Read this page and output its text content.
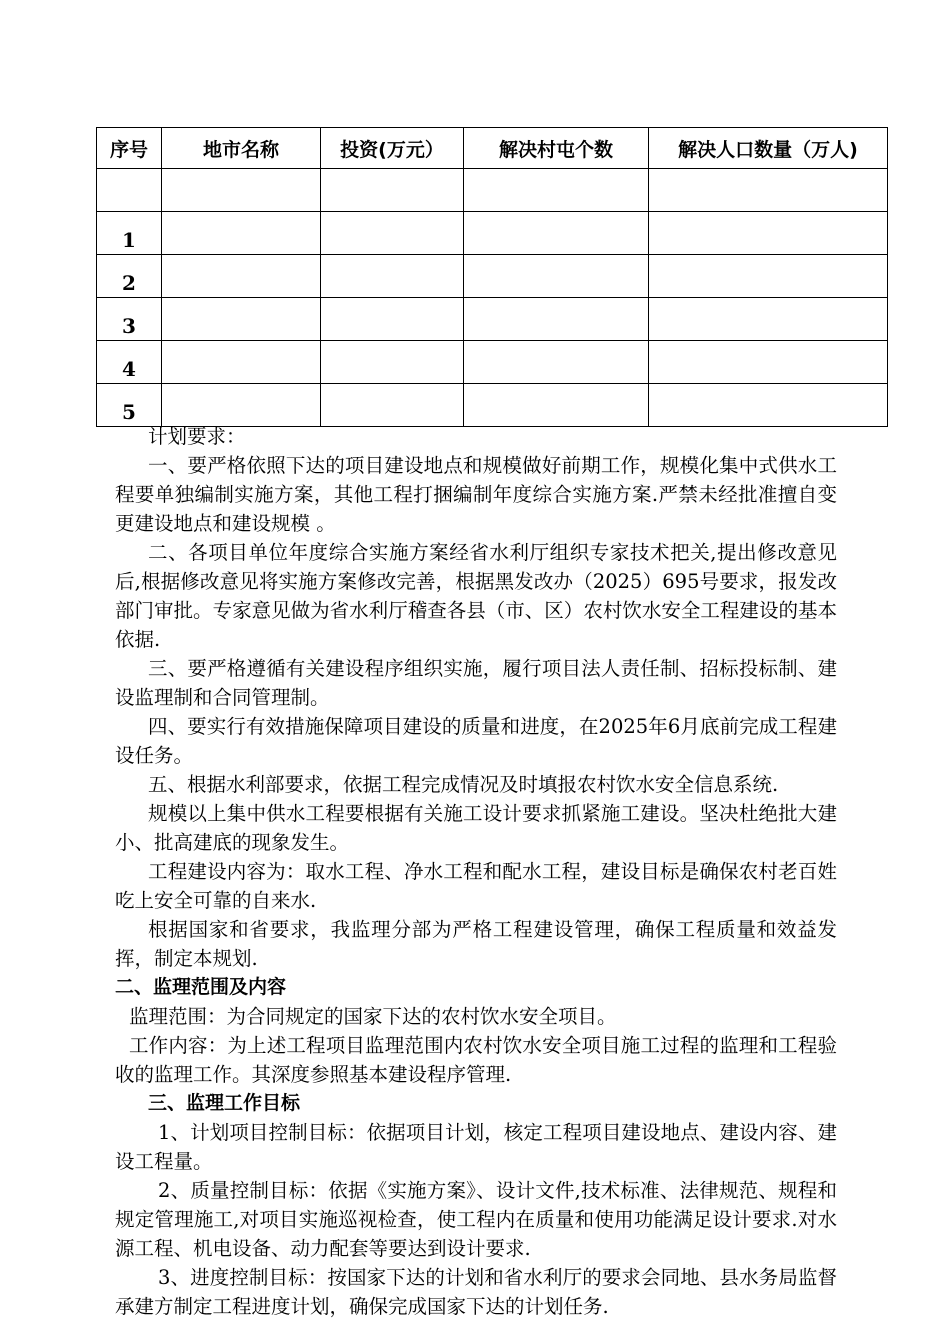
序号	地市名称	投资(万元）	解决村屯个数	解决人口数量（万人)

1				
2				
3				
4				
5				

计划要求：

一、要严格依照下达的项目建设地点和规模做好前期工作，规模化集中式供水工程要单独编制实施方案，其他工程打捆编制年度综合实施方案.严禁未经批准擅自变更建设地点和建设规模 。

二、各项目单位年度综合实施方案经省水利厅组织专家技术把关,提出修改意见后,根据修改意见将实施方案修改完善，根据黑发改办（2025）695号要求，报发改部门审批。专家意见做为省水利厅稽查各县（市、区）农村饮水安全工程建设的基本依据.

三、要严格遵循有关建设程序组织实施，履行项目法人责任制、招标投标制、建设监理制和合同管理制。

四、要实行有效措施保障项目建设的质量和进度，在2025年6月底前完成工程建设任务。

五、根据水利部要求，依据工程完成情况及时填报农村饮水安全信息系统.

规模以上集中供水工程要根据有关施工设计要求抓紧施工建设。坚决杜绝批大建小、批高建底的现象发生。

工程建设内容为：取水工程、净水工程和配水工程，建设目标是确保农村老百姓吃上安全可靠的自来水.

根据国家和省要求，我监理分部为严格工程建设管理，确保工程质量和效益发挥，制定本规划.

二、监理范围及内容

监理范围：为合同规定的国家下达的农村饮水安全项目。

工作内容：为上述工程项目监理范围内农村饮水安全项目施工过程的监理和工程验收的监理工作。其深度参照基本建设程序管理.

三、监理工作目标

1、计划项目控制目标：依据项目计划，核定工程项目建设地点、建设内容、建设工程量。

2、质量控制目标：依据《实施方案》、设计文件,技术标准、法律规范、规程和规定管理施工,对项目实施巡视检查，使工程内在质量和使用功能满足设计要求.对水源工程、机电设备、动力配套等要达到设计要求.

3、进度控制目标：按国家下达的计划和省水利厅的要求会同地、县水务局监督承建方制定工程进度计划，确保完成国家下达的计划任务.
